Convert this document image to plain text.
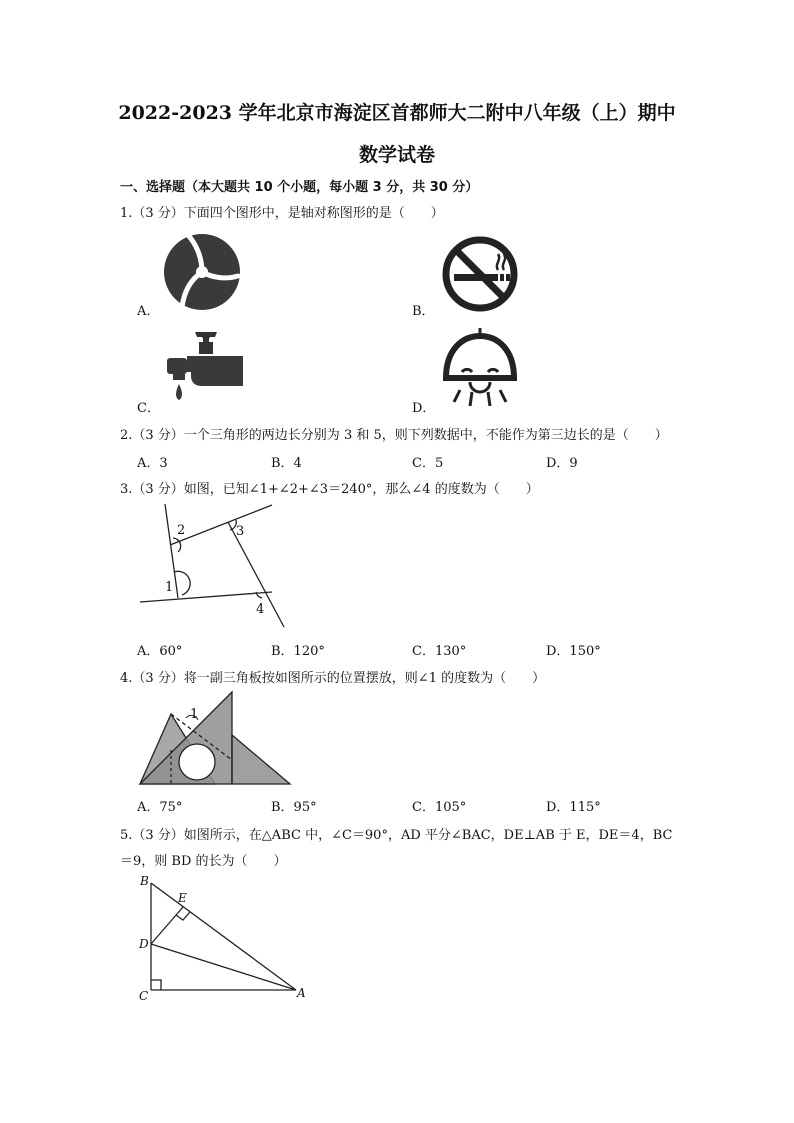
2022-2023 学年北京市海淀区首都师大二附中八年级（上）期中
数学试卷
一、选择题（本大题共 10 个小题，每小题 3 分，共 30 分）
1.（3 分）下面四个图形中，是轴对称图形的是（　　）
A．	B．
C．	D．
2.（3 分）一个三角形的两边长分别为 3 和 5，则下列数据中，不能作为第三边长的是（　　）
A．3	B．4	C．5	D．9
3.（3 分）如图，已知∠1+∠2+∠3＝240°，那么∠4 的度数为（　　）
1
2	3
4
A．60°	B．120°	C．130°	D．150°
4.（3 分）将一副三角板按如图所示的位置摆放，则∠1 的度数为（　　）
1
A．75°	B．95°	C．105°	D．115°
5.（3 分）如图所示，在△ABC 中，∠C＝90°，AD 平分∠BAC，DE⊥AB 于 E，DE＝4，BC
＝9，则 BD 的长为（　　）
B
E
D
C	A
